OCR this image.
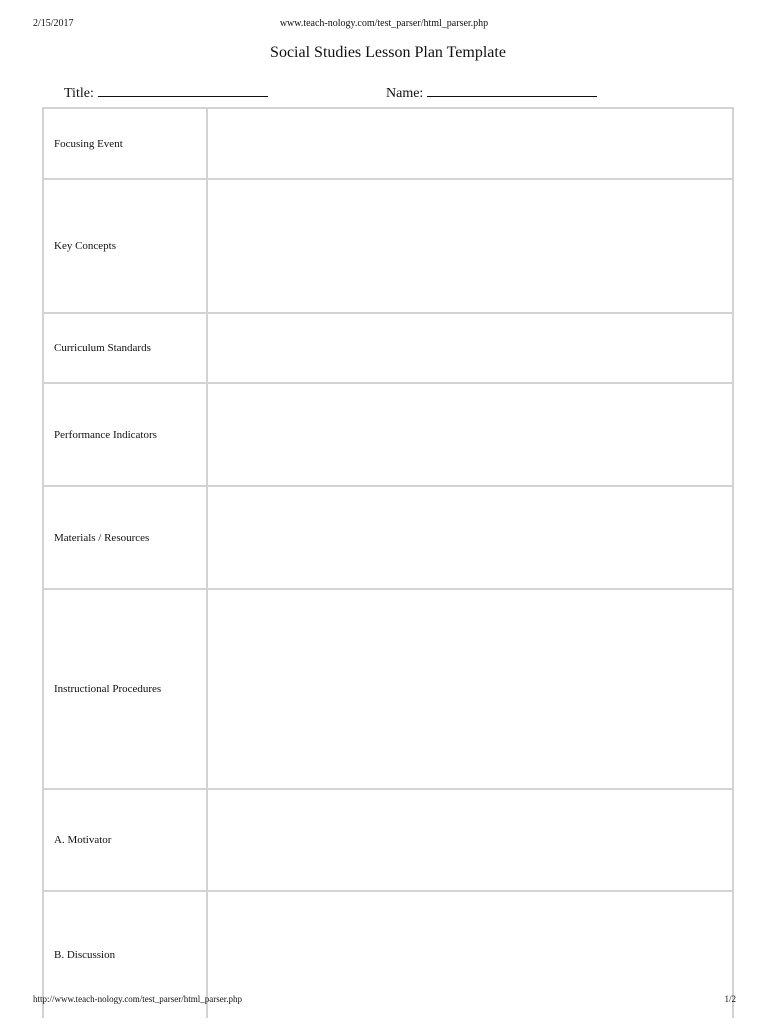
2/15/2017	www.teach-nology.com/test_parser/html_parser.php
Social Studies Lesson Plan Template
Title:	Name:
Focusing Event	
Key Concepts	
Curriculum Standards	
Performance Indicators	
Materials / Resources	
Instructional Procedures	
A. Motivator	
B. Discussion	
http://www.teach-nology.com/test_parser/html_parser.php	1/2
